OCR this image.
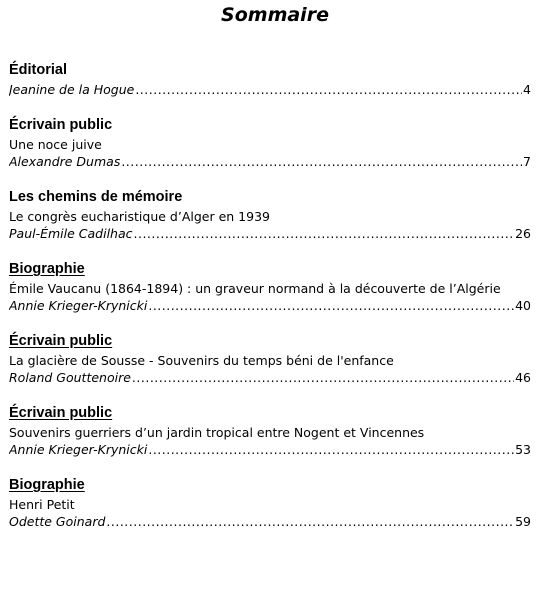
Sommaire
Éditorial
Jeanine de la Hogue .....	4
Écrivain public
Une noce juive
Alexandre Dumas .....	7
Les chemins de mémoire
Le congrès eucharistique d’Alger en 1939
Paul-Émile Cadilhac .....	26
Biographie
Émile Vaucanu (1864-1894) : un graveur normand à la découverte de l’Algérie
Annie Krieger-Krynicki .....	40
Écrivain public
La glacière de Sousse - Souvenirs du temps béni de l'enfance
Roland Gouttenoire .....	46
Écrivain public
Souvenirs guerriers d’un jardin tropical entre Nogent et Vincennes
Annie Krieger-Krynicki .....	53
Biographie
Henri Petit
Odette Goinard .....	59
